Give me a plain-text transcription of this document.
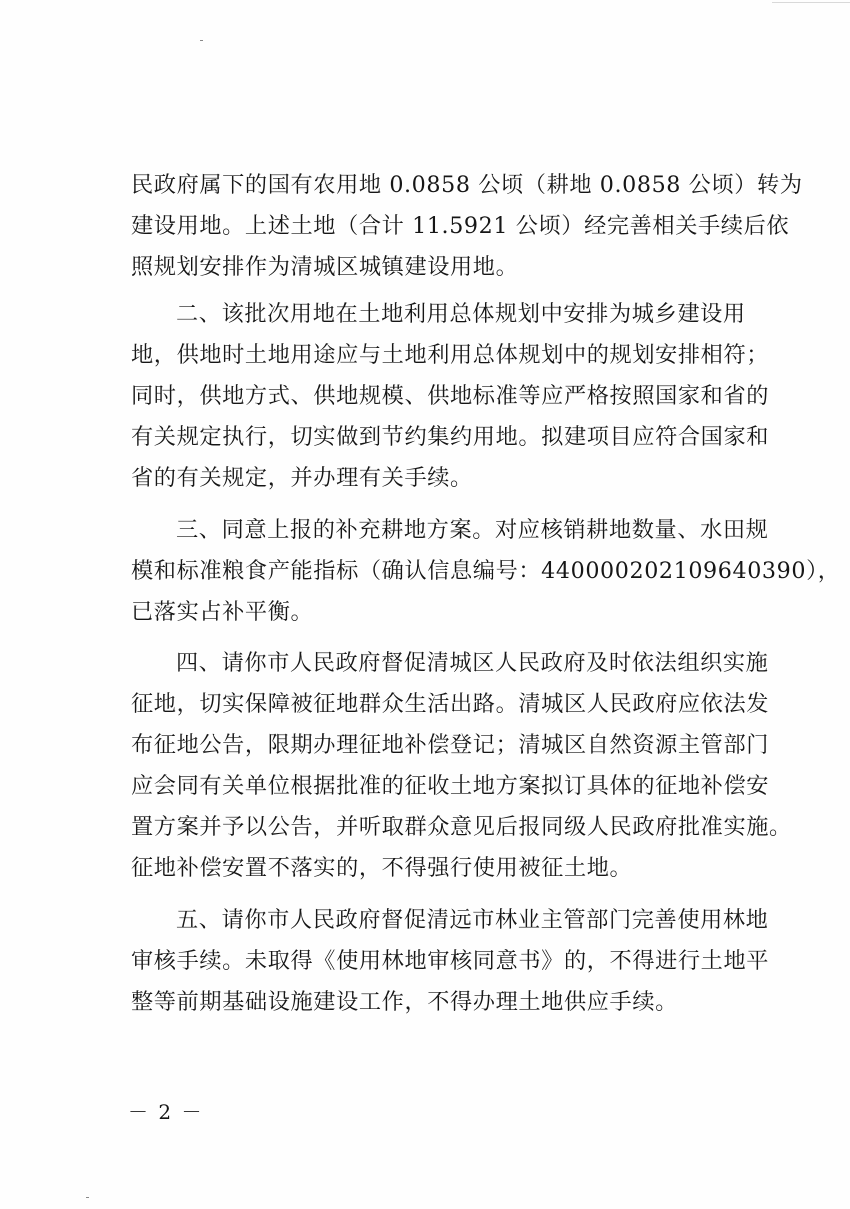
民政府属下的国有农用地 0.0858 公顷（耕地 0.0858 公顷）转为
建设用地。上述土地（合计 11.5921 公顷）经完善相关手续后依
照规划安排作为清城区城镇建设用地。
二、该批次用地在土地利用总体规划中安排为城乡建设用
地，供地时土地用途应与土地利用总体规划中的规划安排相符；
同时，供地方式、供地规模、供地标准等应严格按照国家和省的
有关规定执行，切实做到节约集约用地。拟建项目应符合国家和
省的有关规定，并办理有关手续。
三、同意上报的补充耕地方案。对应核销耕地数量、水田规
模和标准粮食产能指标（确认信息编号：440000202109640390），
已落实占补平衡。
四、请你市人民政府督促清城区人民政府及时依法组织实施
征地，切实保障被征地群众生活出路。清城区人民政府应依法发
布征地公告，限期办理征地补偿登记；清城区自然资源主管部门
应会同有关单位根据批准的征收土地方案拟订具体的征地补偿安
置方案并予以公告，并听取群众意见后报同级人民政府批准实施。
征地补偿安置不落实的，不得强行使用被征土地。
五、请你市人民政府督促清远市林业主管部门完善使用林地
审核手续。未取得《使用林地审核同意书》的，不得进行土地平
整等前期基础设施建设工作，不得办理土地供应手续。
－ 2 －
